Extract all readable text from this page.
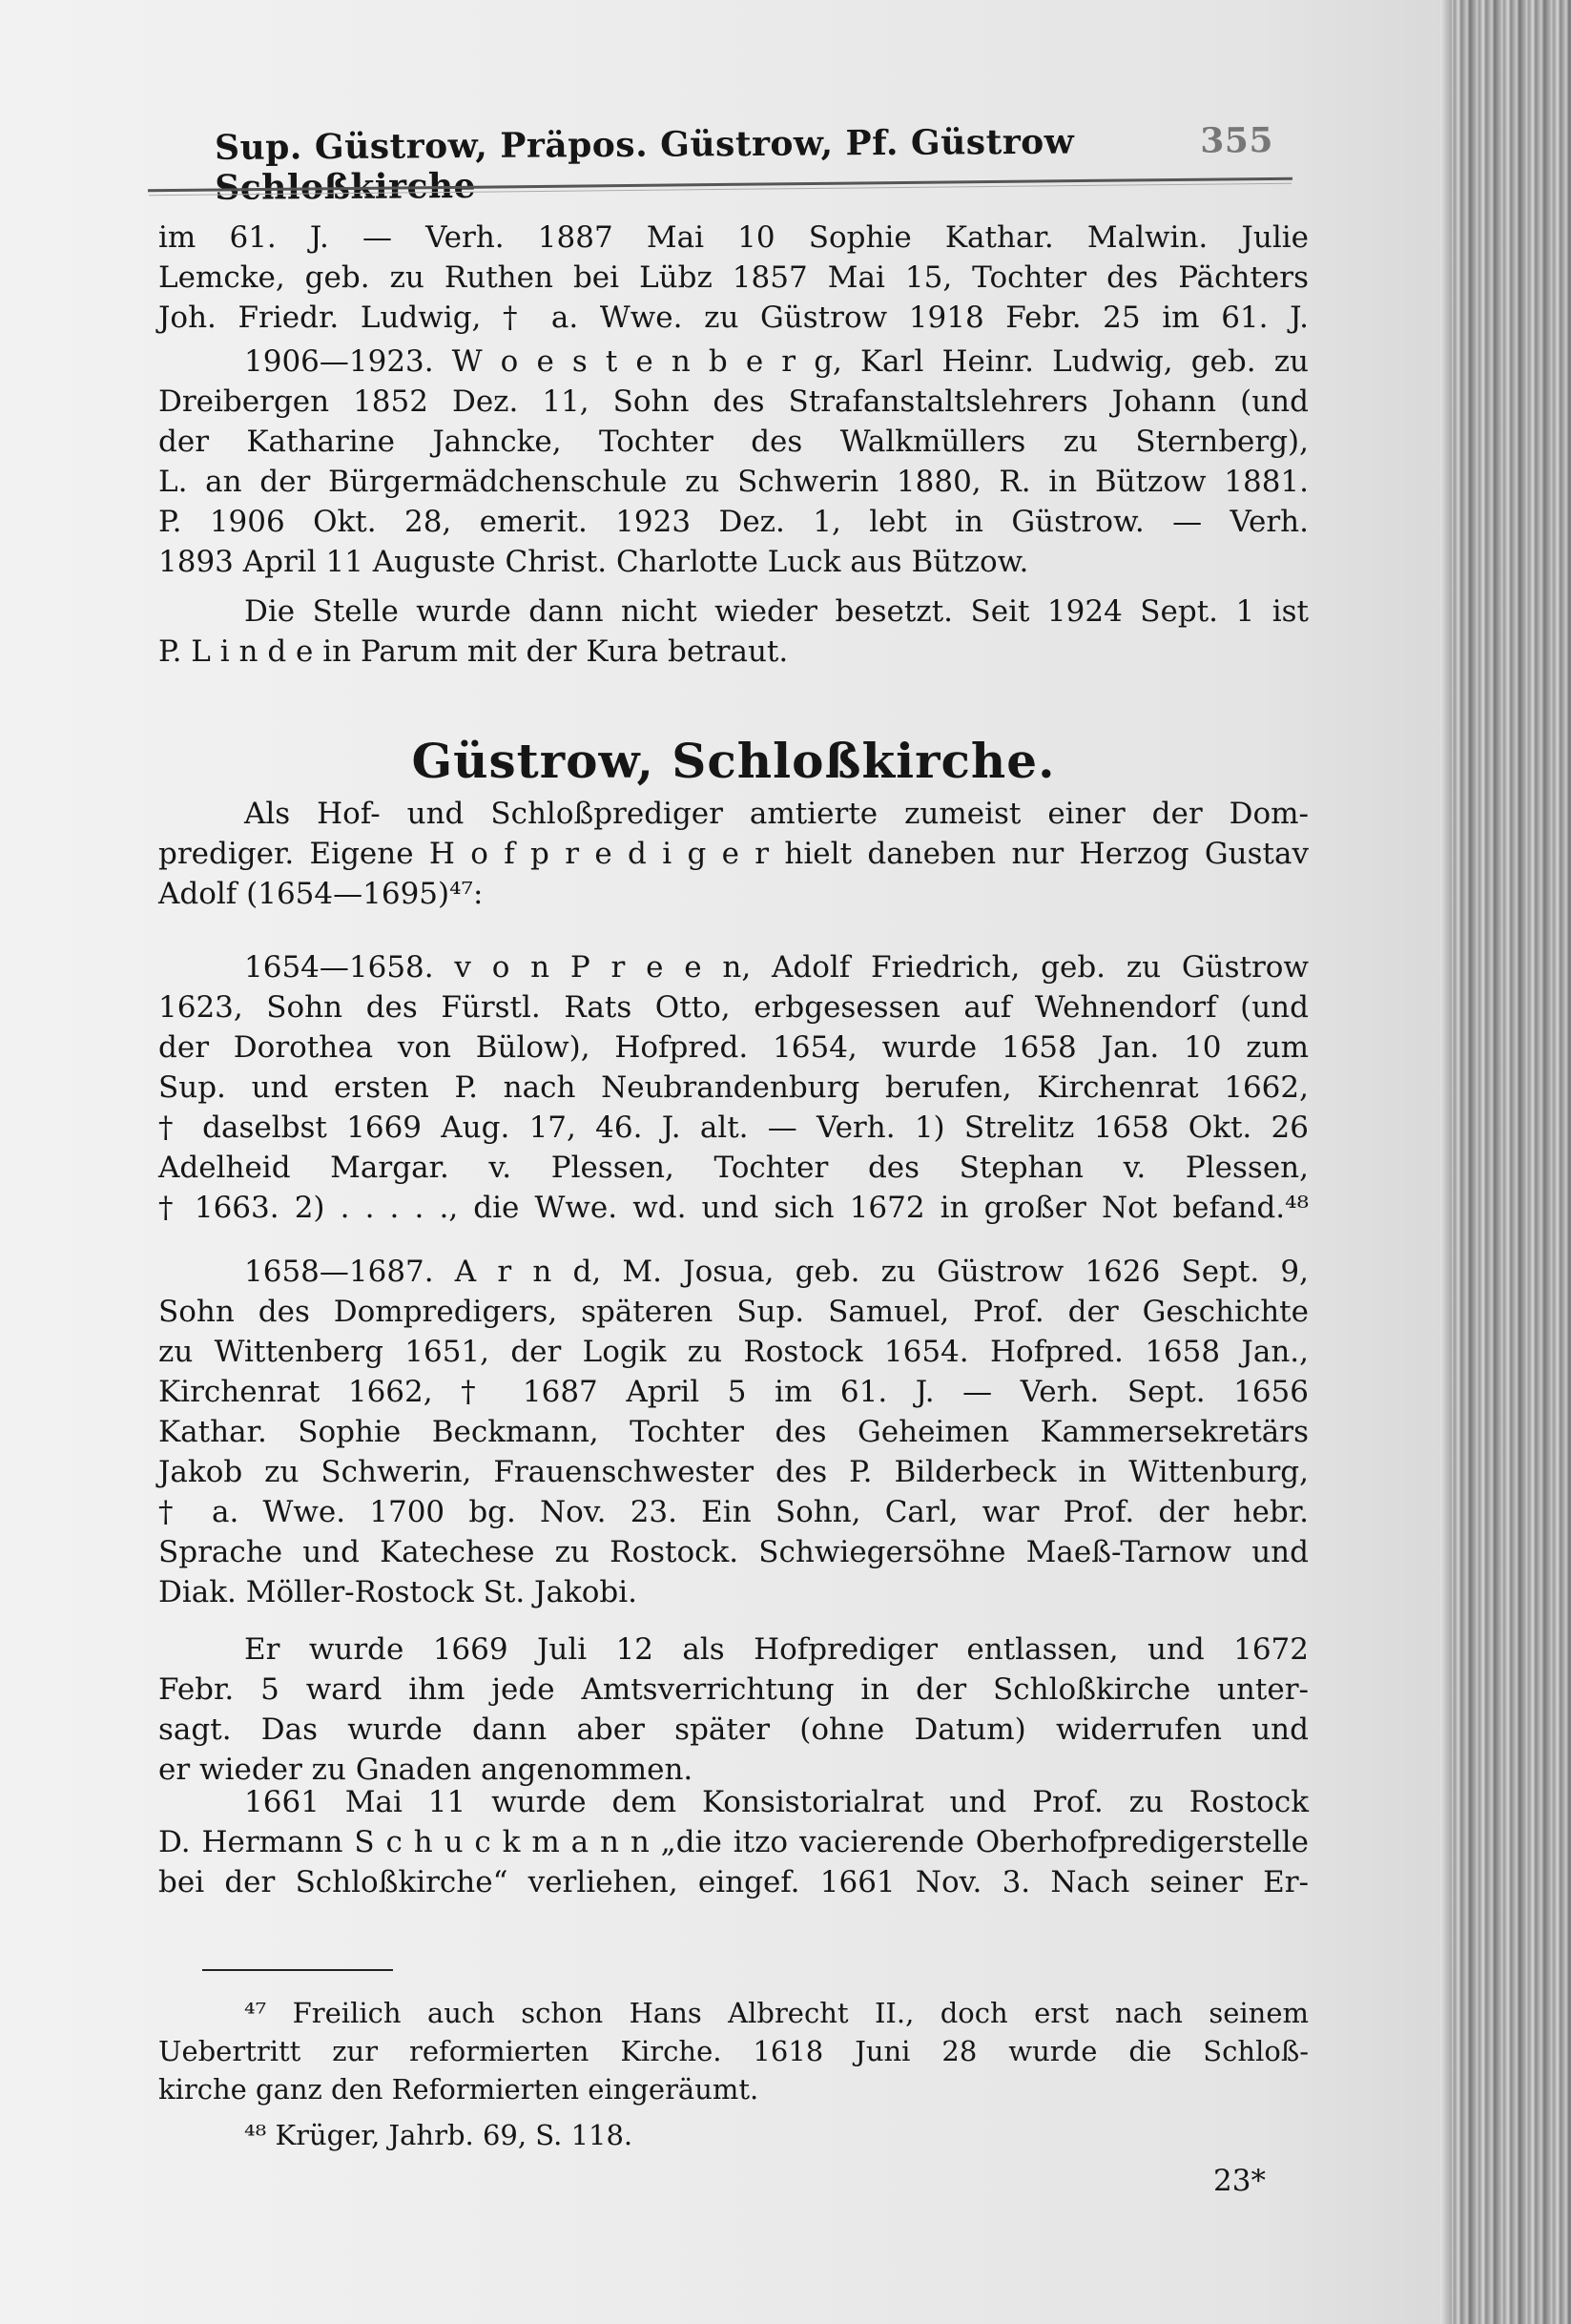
Sup. Güstrow, Präpos. Güstrow, Pf. Güstrow Schloßkirche
355
im 61. J. — Verh. 1887 Mai 10 Sophie Kathar. Malwin. Julie
Lemcke, geb. zu Ruthen bei Lübz 1857 Mai 15, Tochter des Pächters
Joh. Friedr. Ludwig, † a. Wwe. zu Güstrow 1918 Febr. 25 im 61. J.
1906—1923. W o e s t e n b e r g, Karl Heinr. Ludwig, geb. zu
Dreibergen 1852 Dez. 11, Sohn des Strafanstaltslehrers Johann (und
der Katharine Jahncke, Tochter des Walkmüllers zu Sternberg),
L. an der Bürgermädchenschule zu Schwerin 1880, R. in Bützow 1881.
P. 1906 Okt. 28, emerit. 1923 Dez. 1, lebt in Güstrow. — Verh.
1893 April 11 Auguste Christ. Charlotte Luck aus Bützow.
Die Stelle wurde dann nicht wieder besetzt. Seit 1924 Sept. 1 ist
P. L i n d e in Parum mit der Kura betraut.
Güstrow, Schloßkirche.
Als Hof- und Schloßprediger amtierte zumeist einer der Dom-
prediger. Eigene H o f p r e d i g e r hielt daneben nur Herzog Gustav
Adolf (1654—1695)⁴⁷:
1654—1658. v o n P r e e n, Adolf Friedrich, geb. zu Güstrow
1623, Sohn des Fürstl. Rats Otto, erbgesessen auf Wehnendorf (und
der Dorothea von Bülow), Hofpred. 1654, wurde 1658 Jan. 10 zum
Sup. und ersten P. nach Neubrandenburg berufen, Kirchenrat 1662,
† daselbst 1669 Aug. 17, 46. J. alt. — Verh. 1) Strelitz 1658 Okt. 26
Adelheid Margar. v. Plessen, Tochter des Stephan v. Plessen,
† 1663. 2) . . . . ., die Wwe. wd. und sich 1672 in großer Not befand.⁴⁸
1658—1687. A r n d, M. Josua, geb. zu Güstrow 1626 Sept. 9,
Sohn des Dompredigers, späteren Sup. Samuel, Prof. der Geschichte
zu Wittenberg 1651, der Logik zu Rostock 1654. Hofpred. 1658 Jan.,
Kirchenrat 1662, † 1687 April 5 im 61. J. — Verh. Sept. 1656
Kathar. Sophie Beckmann, Tochter des Geheimen Kammersekretärs
Jakob zu Schwerin, Frauenschwester des P. Bilderbeck in Wittenburg,
† a. Wwe. 1700 bg. Nov. 23. Ein Sohn, Carl, war Prof. der hebr.
Sprache und Katechese zu Rostock. Schwiegersöhne Maeß-Tarnow und
Diak. Möller-Rostock St. Jakobi.
Er wurde 1669 Juli 12 als Hofprediger entlassen, und 1672
Febr. 5 ward ihm jede Amtsverrichtung in der Schloßkirche unter-
sagt. Das wurde dann aber später (ohne Datum) widerrufen und
er wieder zu Gnaden angenommen.
1661 Mai 11 wurde dem Konsistorialrat und Prof. zu Rostock
D. Hermann S c h u c k m a n n „die itzo vacierende Oberhofpredigerstelle
bei der Schloßkirche“ verliehen, eingef. 1661 Nov. 3. Nach seiner Er-
⁴⁷ Freilich auch schon Hans Albrecht II., doch erst nach seinem
Uebertritt zur reformierten Kirche. 1618 Juni 28 wurde die Schloß-
kirche ganz den Reformierten eingeräumt.
⁴⁸ Krüger, Jahrb. 69, S. 118.
23*
